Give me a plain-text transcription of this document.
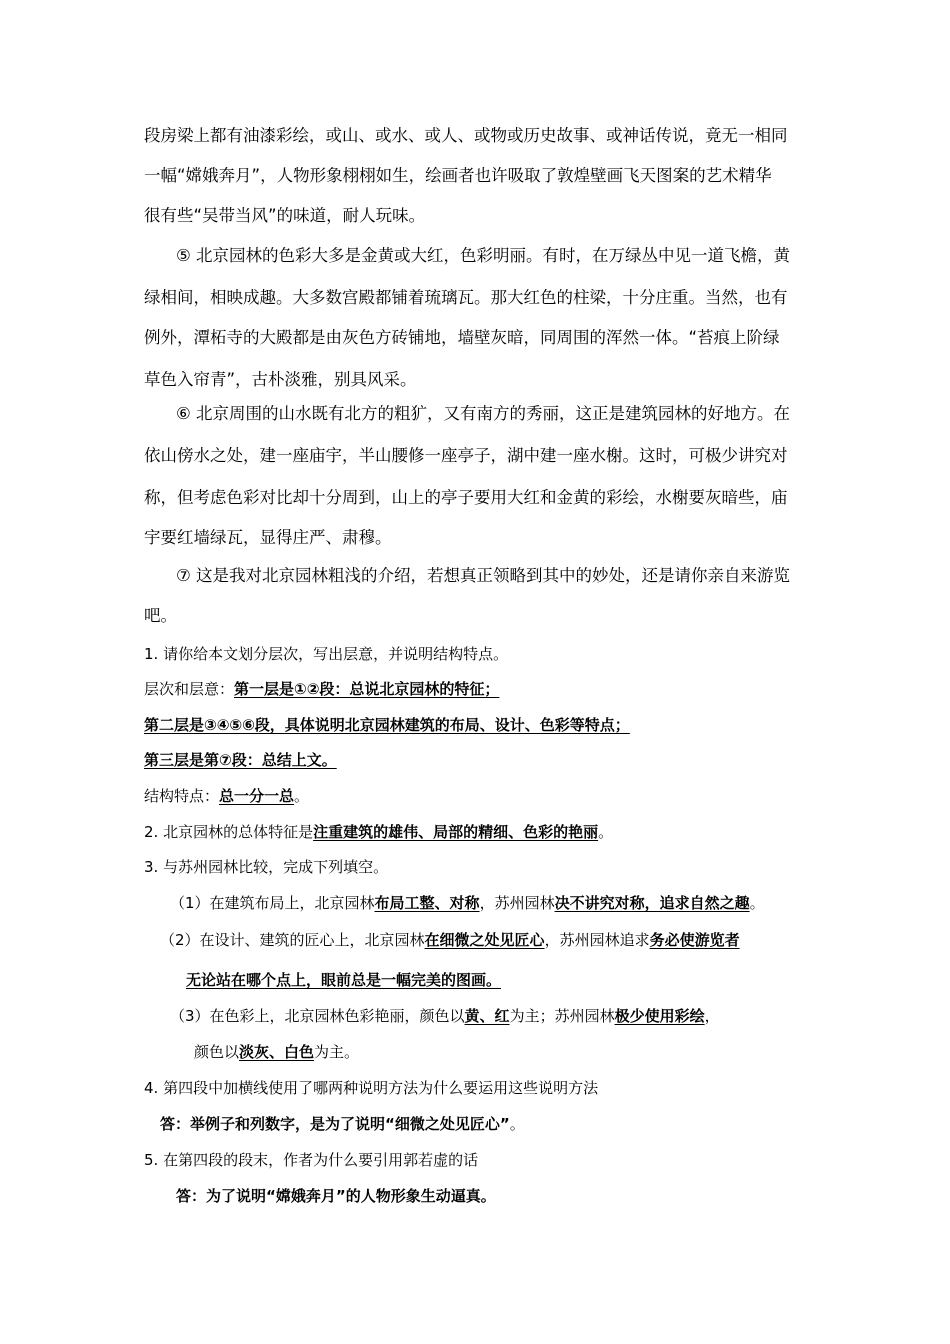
段房梁上都有油漆彩绘，或山、或水、或人、或物或历史故事、或神话传说，竟无一相同
一幅“嫦娥奔月”，人物形象栩栩如生，绘画者也许吸取了敦煌壁画飞天图案的艺术精华
很有些“吴带当风”的味道，耐人玩味。
⑤ 北京园林的色彩大多是金黄或大红，色彩明丽。有时，在万绿丛中见一道飞檐，黄
绿相间，相映成趣。大多数宫殿都铺着琉璃瓦。那大红色的柱梁，十分庄重。当然，也有
例外，潭柘寺的大殿都是由灰色方砖铺地，墙壁灰暗，同周围的浑然一体。“苔痕上阶绿
草色入帘青”，古朴淡雅，别具风采。
⑥ 北京周围的山水既有北方的粗犷，又有南方的秀丽，这正是建筑园林的好地方。在
依山傍水之处，建一座庙宇，半山腰修一座亭子，湖中建一座水榭。这时，可极少讲究对
称，但考虑色彩对比却十分周到，山上的亭子要用大红和金黄的彩绘，水榭要灰暗些，庙
宇要红墙绿瓦，显得庄严、肃穆。
⑦ 这是我对北京园林粗浅的介绍，若想真正领略到其中的妙处，还是请你亲自来游览
吧。
1. 请你给本文划分层次，写出层意，并说明结构特点。
层次和层意：第一层是①②段：总说北京园林的特征；
第二层是③④⑤⑥段，具体说明北京园林建筑的布局、设计、色彩等特点；
第三层是第⑦段：总结上文。
结构特点：总一分一总。
2. 北京园林的总体特征是注重建筑的雄伟、局部的精细、色彩的艳丽。
3. 与苏州园林比较，完成下列填空。
（1）在建筑布局上，北京园林布局工整、对称，苏州园林决不讲究对称，追求自然之趣。
（2）在设计、建筑的匠心上，北京园林在细微之处见匠心，苏州园林追求务必使游览者
无论站在哪个点上，眼前总是一幅完美的图画。
（3）在色彩上，北京园林色彩艳丽，颜色以黄、红为主；苏州园林极少使用彩绘，
颜色以淡灰、白色为主。
4. 第四段中加横线使用了哪两种说明方法为什么要运用这些说明方法
答：举例子和列数字，是为了说明“细微之处见匠心”。
5. 在第四段的段末，作者为什么要引用郭若虚的话
答：为了说明“嫦娥奔月”的人物形象生动逼真。
